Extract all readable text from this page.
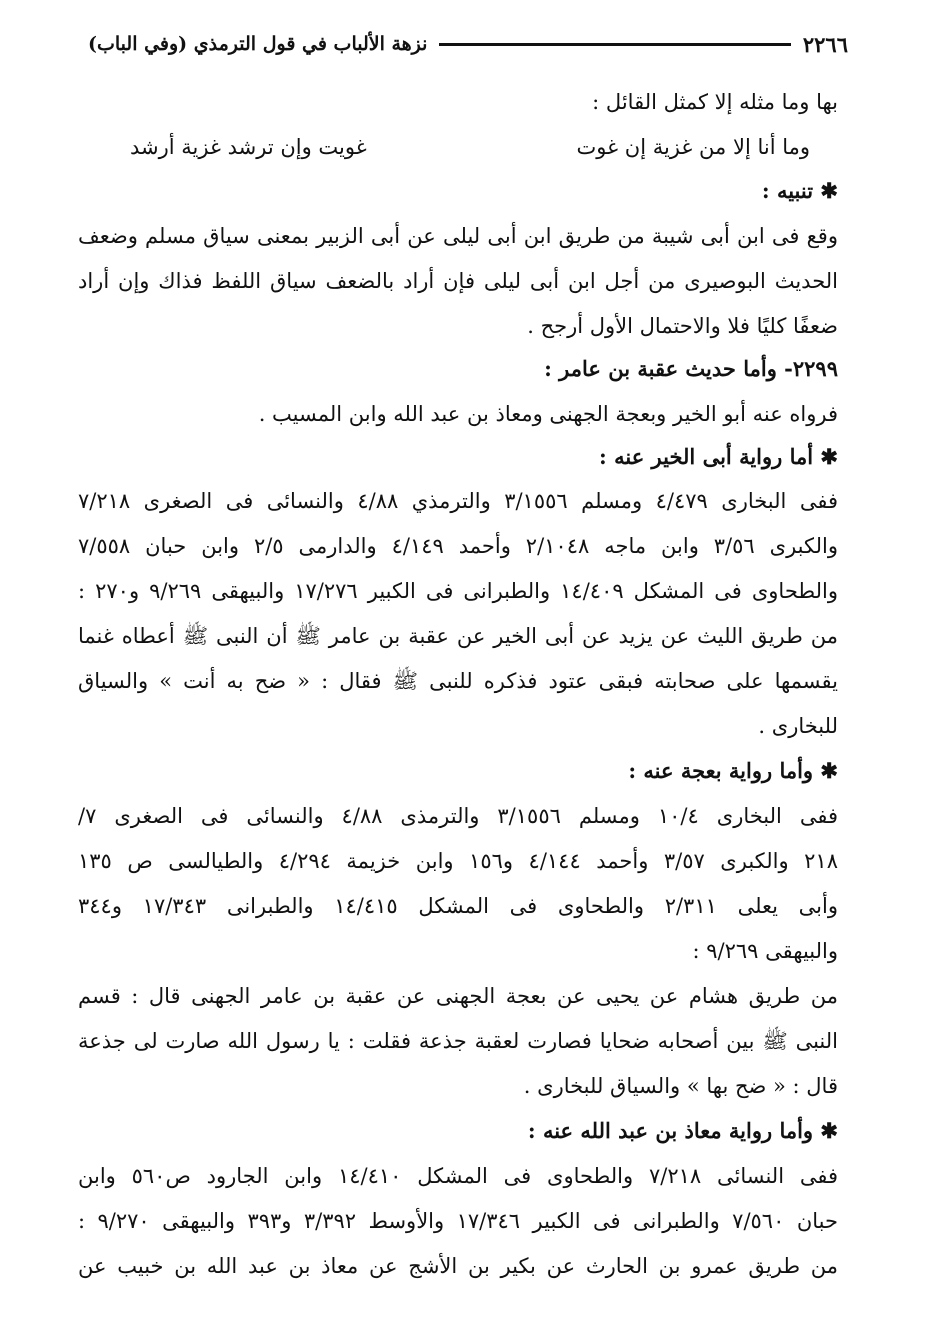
٢٢٦٦
نزهة الألباب في قول الترمذي (وفي الباب)
بها وما مثله إلا كمثل القائل :
وما أنا إلا من غزية إن غوت
غويت وإن ترشد غزية أرشد
✱ تنبيه :
وقع فى ابن أبى شيبة من طريق ابن أبى ليلى عن أبى الزبير بمعنى سياق مسلم وضعف
الحديث البوصيرى من أجل ابن أبى ليلى فإن أراد بالضعف سياق اللفظ فذاك وإن أراد
ضعفًا كليًا فلا والاحتمال الأول أرجح .
٢٢٩٩- وأما حديث عقبة بن عامر :
فرواه عنه أبو الخير وبعجة الجهنى ومعاذ بن عبد الله وابن المسيب .
✱ أما رواية أبى الخير عنه :
ففى البخارى ٤/٤٧٩ ومسلم ٣/١٥٥٦ والترمذي ٤/٨٨ والنسائى فى الصغرى ٧/٢١٨
والكبرى ٣/٥٦ وابن ماجه ٢/١٠٤٨ وأحمد ٤/١٤٩ والدارمى ٢/٥ وابن حبان ٧/٥٥٨
والطحاوى فى المشكل ١٤/٤٠٩ والطبرانى فى الكبير ١٧/٢٧٦ والبيهقى ٩/٢٦٩ و٢٧٠ :
من طريق الليث عن يزيد عن أبى الخير عن عقبة بن عامر ﷺ أن النبى ﷺ أعطاه غنما
يقسمها على صحابته فبقى عتود فذكره للنبى ﷺ فقال : « ضح به أنت » والسياق
للبخارى .
✱ وأما رواية بعجة عنه :
ففى البخارى ١٠/٤ ومسلم ٣/١٥٥٦ والترمذى ٤/٨٨ والنسائى فى الصغرى ٧/
٢١٨ والكبرى ٣/٥٧ وأحمد ٤/١٤٤ و١٥٦ وابن خزيمة ٤/٢٩٤ والطيالسى ص ١٣٥
وأبى يعلى ٢/٣١١ والطحاوى فى المشكل ١٤/٤١٥ والطبرانى ١٧/٣٤٣ و٣٤٤
والبيهقى ٩/٢٦٩ :
من طريق هشام عن يحيى عن بعجة الجهنى عن عقبة بن عامر الجهنى قال : قسم
النبى ﷺ بين أصحابه ضحايا فصارت لعقبة جذعة فقلت : يا رسول الله صارت لى جذعة
قال : « ضح بها » والسياق للبخارى .
✱ وأما رواية معاذ بن عبد الله عنه :
ففى النسائى ٧/٢١٨ والطحاوى فى المشكل ١٤/٤١٠ وابن الجارود ص٥٦٠ وابن
حبان ٧/٥٦٠ والطبرانى فى الكبير ١٧/٣٤٦ والأوسط ٣/٣٩٢ و٣٩٣ والبيهقى ٩/٢٧٠ :
من طريق عمرو بن الحارث عن بكير بن الأشج عن معاذ بن عبد الله بن خبيب عن
